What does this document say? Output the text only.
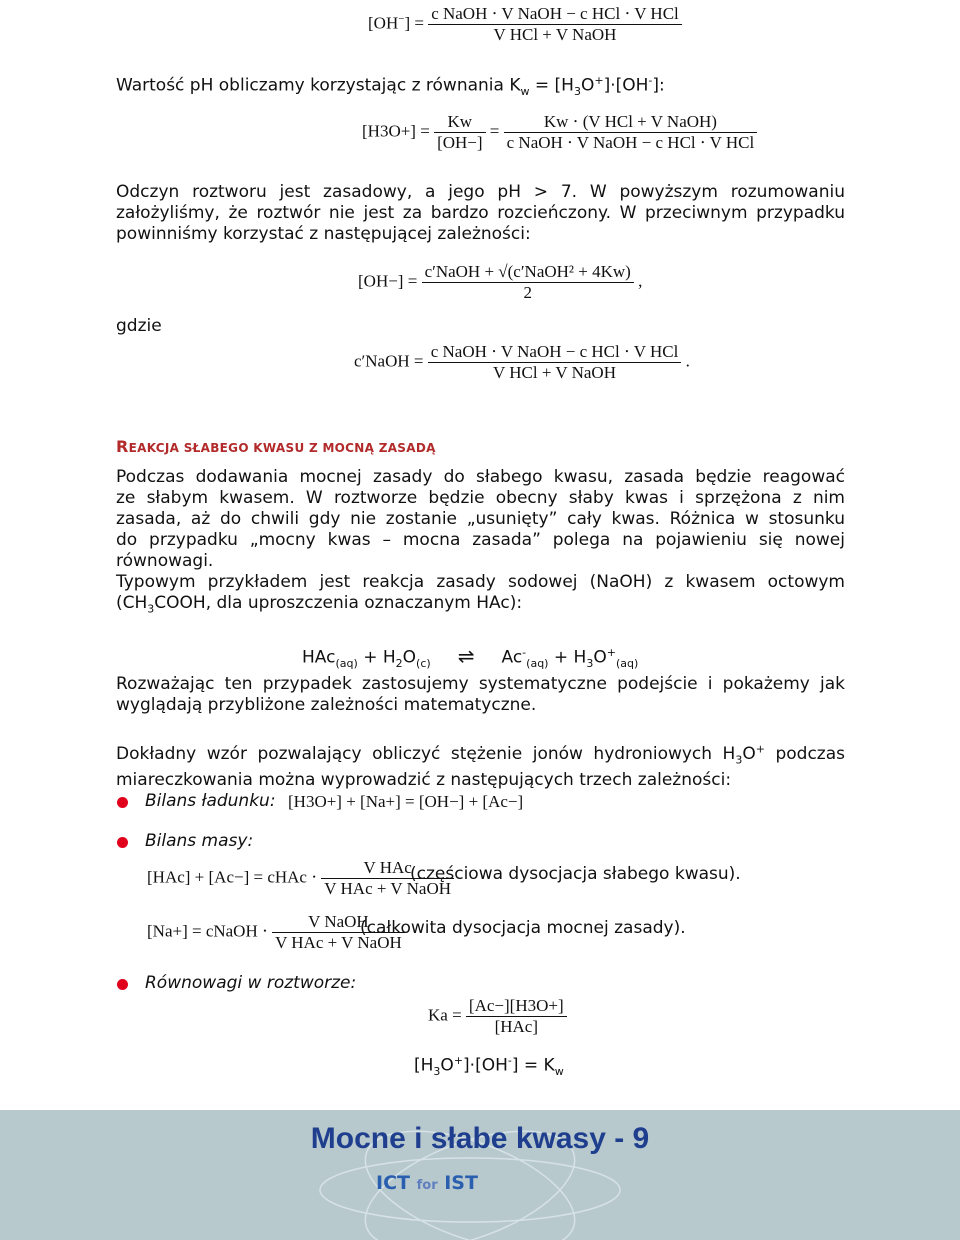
$[OH^-] = \frac{\text{c NaOH ⋅ V NaOH − c HCl ⋅ V HCl}}{\text{V HCl + V NaOH}}$
Wartość pH obliczamy korzystając z równania $K_w = [H_3O^+]\cdot[OH^-]$:
$[H3O+] = \frac{Kw}{[OH-]} = \frac{\text{Kw ⋅ (V HCl + V NaOH)}}{\text{c NaOH ⋅ V NaOH − c HCl ⋅ V HCl}}$
Odczyn roztworu jest zasadowy, a jego pH > 7. W powyższym rozumowaniu założyliśmy, że roztwór nie jest za bardzo rozcieńczony. W przeciwnym przypadku powinniśmy korzystać z następującej zależności:
$[OH-] = \frac{\text{c′NaOH + √(c′NaOH² + 4Kw)}}{2}$ ,
gdzie
c′NaOH = $\frac{\text{c NaOH ⋅ V NaOH − c HCl ⋅ V HCl}}{\text{V HCl + V NaOH}}$ .
REAKCJA SŁABEGO KWASU Z MOCNĄ ZASADĄ
Podczas dodawania mocnej zasady do słabego kwasu, zasada będzie reagować
ze słabym kwasem. W roztworze będzie obecny słaby kwas i sprzężona z nim
zasada, aż do chwili gdy nie zostanie „usunięty” cały kwas. Różnica w stosunku
do przypadku „mocny kwas – mocna zasada” polega na pojawieniu się nowej
równowagi.
Typowym przykładem jest reakcja zasady sodowej (NaOH) z kwasem octowym
($CH_3COOH$, dla uproszczenia oznaczanym HAc):
$HAc_{(aq)} + H_2O_{(c)}$ ⇌ $Ac^-_{(aq)} + H_3O^+_{(aq)}$
Rozważając ten przypadek zastosujemy systematyczne podejście i pokażemy jak
wyglądają przybliżone zależności matematyczne.
Dokładny wzór pozwalający obliczyć stężenie jonów hydroniowych $H_3O^+$ podczas
miareczkowania można wyprowadzić z następujących trzech zależności:
Bilans ładunku: [H3O+] + [Na+] = [OH−] + [Ac−]
Bilans masy:
[HAc] + [Ac−] = cHAc ⋅ $\frac{\text{V HAc}}{\text{V HAc + V NaOH}}$
(częściowa dysocjacja słabego kwasu).
[Na+] = cNaOH ⋅ $\frac{\text{V NaOH}}{\text{V HAc + V NaOH}}$
(całkowita dysocjacja mocnej zasady).
Równowagi w roztworze:
$Ka = \frac{[Ac-][H3O+]}{\text{[HAc]}}$
$[H_3O^+]\cdot[OH^-] = K_w$
Mocne i słabe kwasy - 9
ICT for IST
